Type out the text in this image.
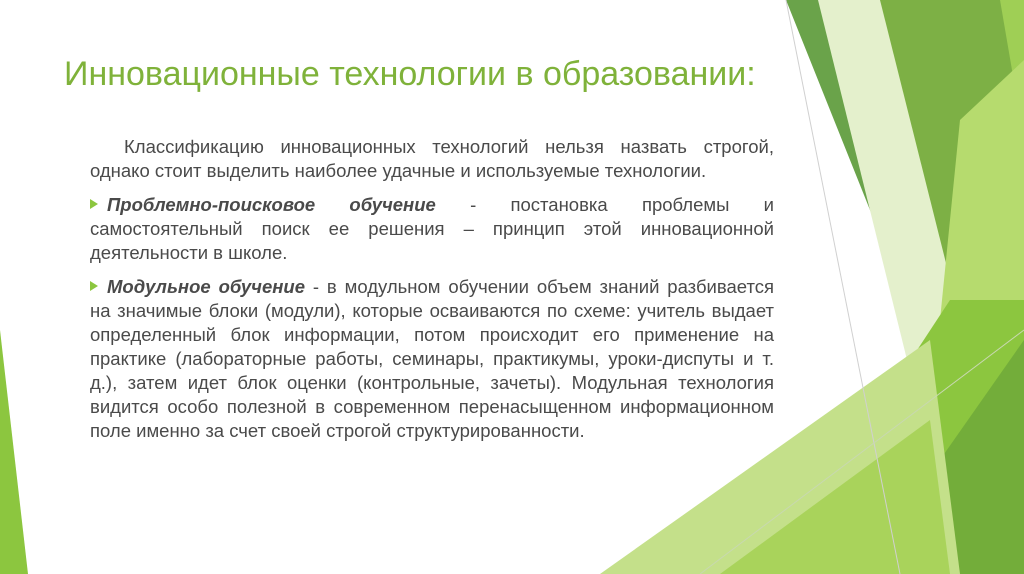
Инновационные технологии в образовании:

Классификацию инновационных технологий нельзя назвать строгой, однако стоит выделить наиболее удачные и используемые технологии.

Проблемно-поисковое обучение - постановка проблемы и самостоятельный поиск ее решения – принцип этой инновационной деятельности в школе.

Модульное обучение - в модульном обучении объем знаний разбивается на значимые блоки (модули), которые осваиваются по схеме: учитель выдает определенный блок информации, потом происходит его применение на практике (лабораторные работы, семинары, практикумы, уроки-диспуты и т. д.), затем идет блок оценки (контрольные, зачеты). Модульная технология видится особо полезной в современном перенасыщенном информационном поле именно за счет своей строгой структурированности.
